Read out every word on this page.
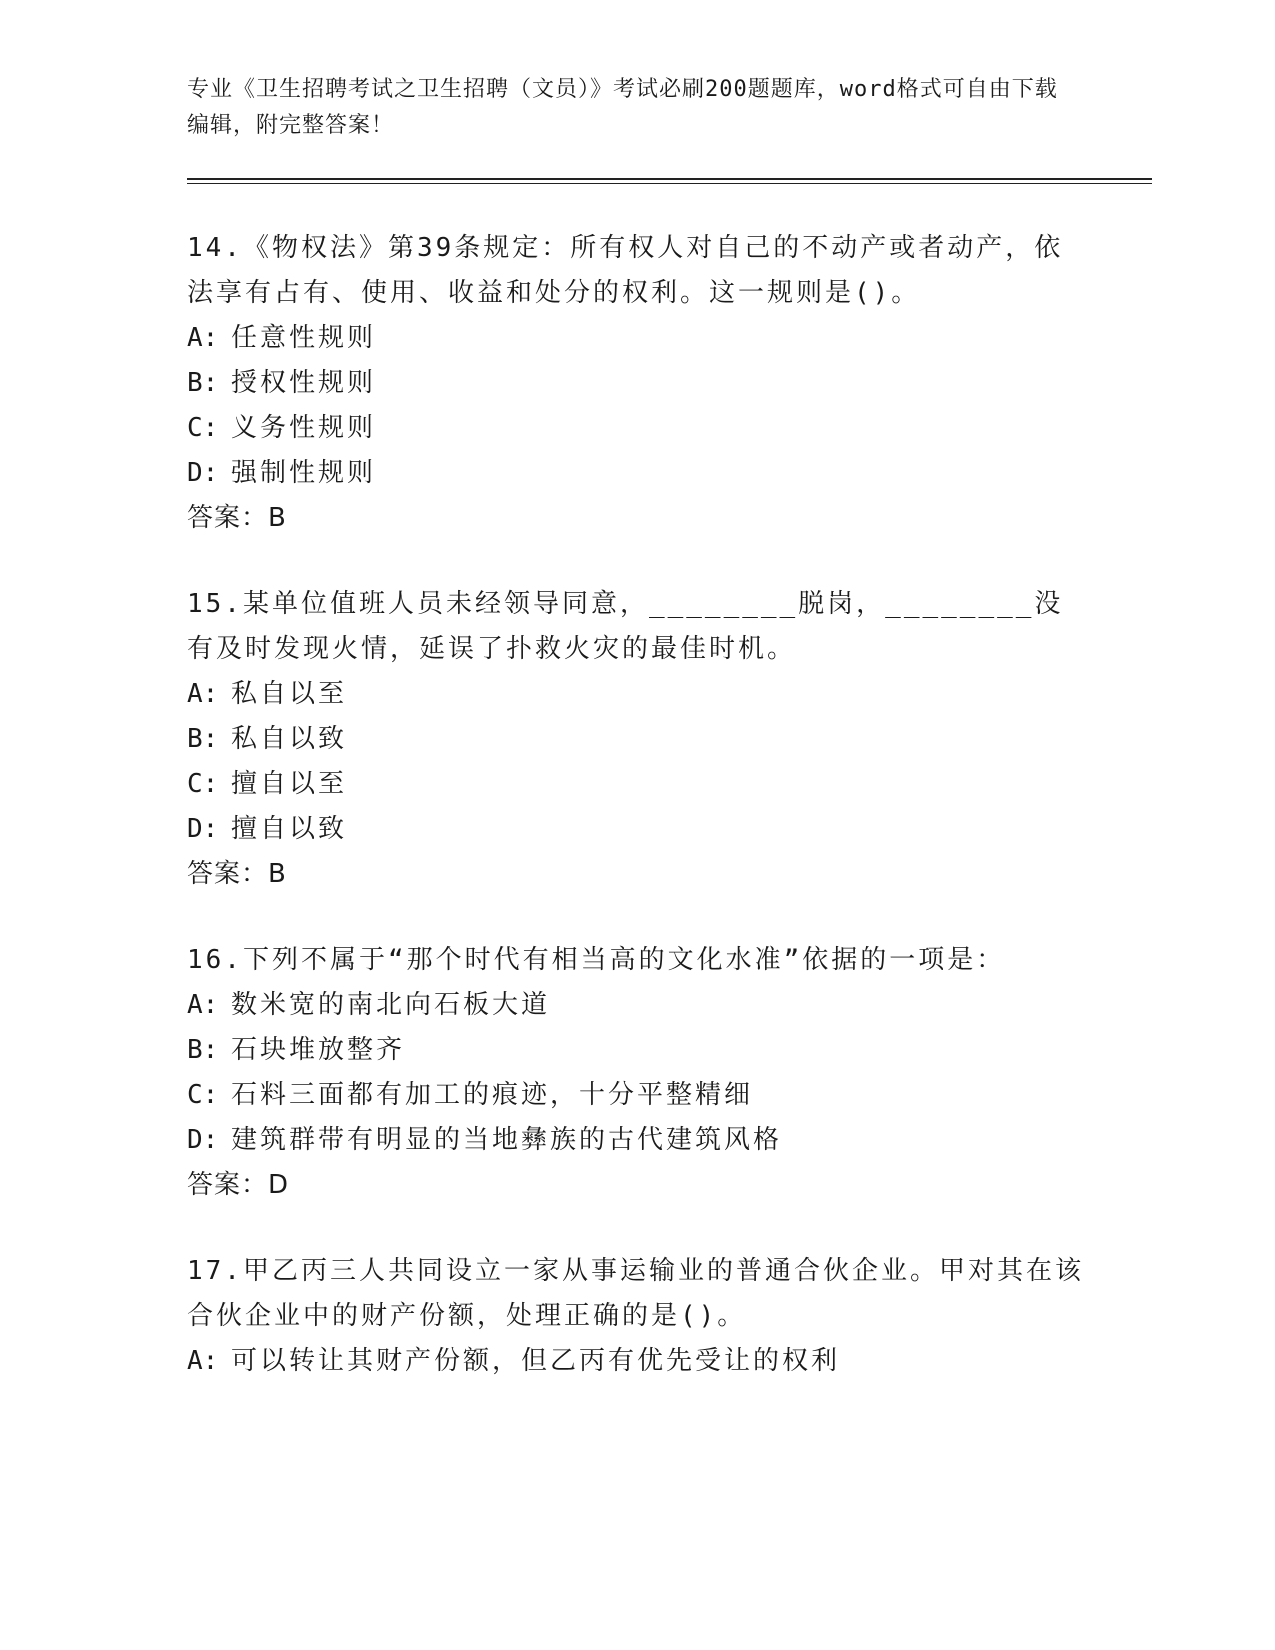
专业《卫生招聘考试之卫生招聘（文员）》考试必刷200题题库，word格式可自由下载编辑，附完整答案！

14.《物权法》第39条规定：所有权人对自己的不动产或者动产，依法享有占有、使用、收益和处分的权利。这一规则是()。

A: 任意性规则

B: 授权性规则

C: 义务性规则

D: 强制性规则

答案：B

15.某单位值班人员未经领导同意，________脱岗，________没有及时发现火情，延误了扑救火灾的最佳时机。

A: 私自以至

B: 私自以致

C: 擅自以至

D: 擅自以致

答案：B

16.下列不属于“那个时代有相当高的文化水准”依据的一项是：

A: 数米宽的南北向石板大道

B: 石块堆放整齐

C: 石料三面都有加工的痕迹，十分平整精细

D: 建筑群带有明显的当地彝族的古代建筑风格

答案：D

17.甲乙丙三人共同设立一家从事运输业的普通合伙企业。甲对其在该合伙企业中的财产份额，处理正确的是()。

A: 可以转让其财产份额，但乙丙有优先受让的权利
